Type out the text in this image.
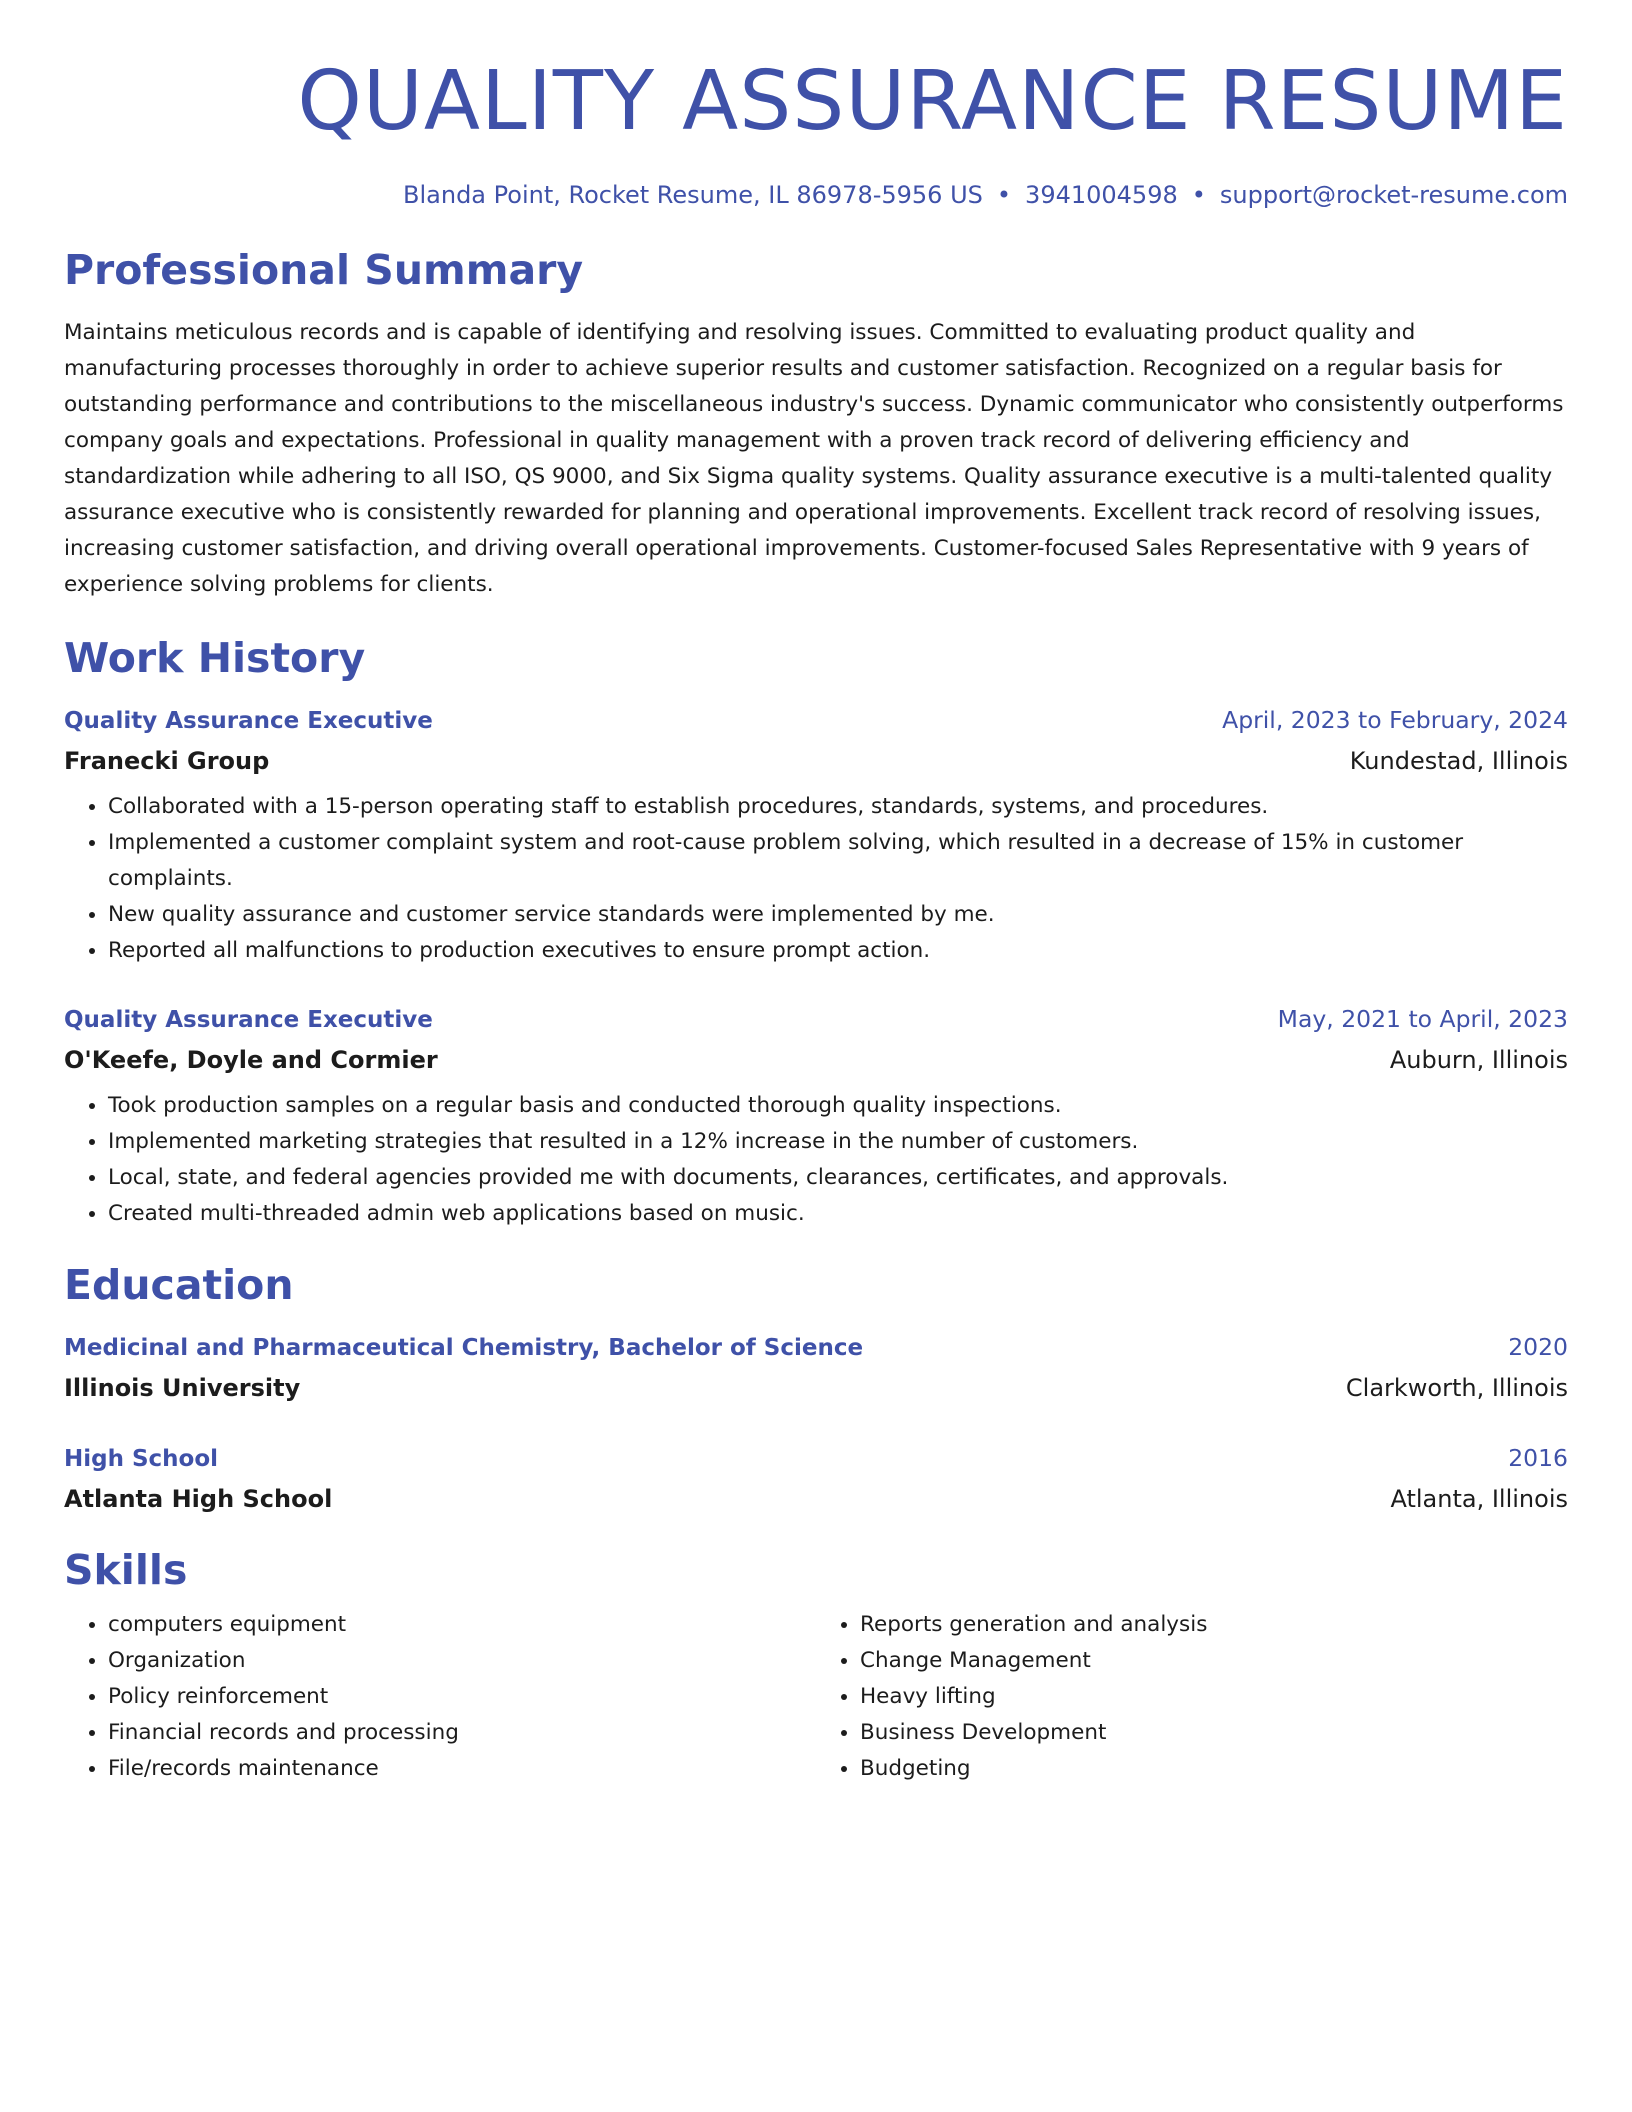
QUALITY ASSURANCE RESUME
Blanda Point, Rocket Resume, IL 86978-5956 US • 3941004598 • support@rocket-resume.com
Professional Summary
Maintains meticulous records and is capable of identifying and resolving issues. Committed to evaluating product quality and manufacturing processes thoroughly in order to achieve superior results and customer satisfaction. Recognized on a regular basis for outstanding performance and contributions to the miscellaneous industry's success. Dynamic communicator who consistently outperforms company goals and expectations. Professional in quality management with a proven track record of delivering efficiency and standardization while adhering to all ISO, QS 9000, and Six Sigma quality systems. Quality assurance executive is a multi-talented quality assurance executive who is consistently rewarded for planning and operational improvements. Excellent track record of resolving issues, increasing customer satisfaction, and driving overall operational improvements. Customer-focused Sales Representative with 9 years of experience solving problems for clients.
Work History
Quality Assurance Executive	April, 2023 to February, 2024
Franecki Group	Kundestad, Illinois
• Collaborated with a 15-person operating staff to establish procedures, standards, systems, and procedures.
• Implemented a customer complaint system and root-cause problem solving, which resulted in a decrease of 15% in customer complaints.
• New quality assurance and customer service standards were implemented by me.
• Reported all malfunctions to production executives to ensure prompt action.
Quality Assurance Executive	May, 2021 to April, 2023
O'Keefe, Doyle and Cormier	Auburn, Illinois
• Took production samples on a regular basis and conducted thorough quality inspections.
• Implemented marketing strategies that resulted in a 12% increase in the number of customers.
• Local, state, and federal agencies provided me with documents, clearances, certificates, and approvals.
• Created multi-threaded admin web applications based on music.
Education
Medicinal and Pharmaceutical Chemistry, Bachelor of Science	2020
Illinois University	Clarkworth, Illinois
High School	2016
Atlanta High School	Atlanta, Illinois
Skills
• computers equipment
• Organization
• Policy reinforcement
• Financial records and processing
• File/records maintenance
• Reports generation and analysis
• Change Management
• Heavy lifting
• Business Development
• Budgeting
